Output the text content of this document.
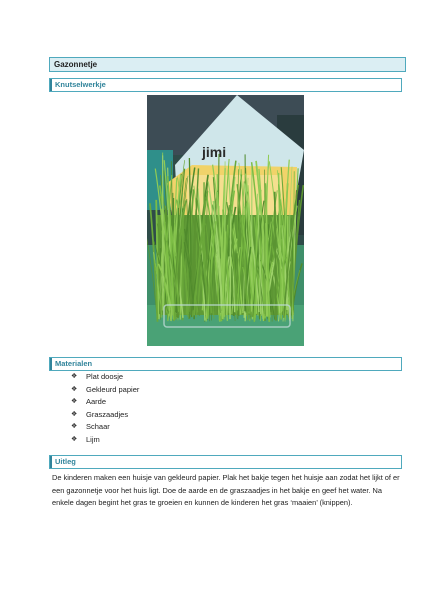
Gazonnetje
Knutselwerkje
jimi
Materialen
❖	Plat doosje
❖	Gekleurd papier
❖	Aarde
❖	Graszaadjes
❖	Schaar
❖	Lijm
Uitleg

De kinderen maken een huisje van gekleurd papier. Plak het bakje tegen het huisje aan zodat het lijkt of er een gazonnetje voor het huis ligt. Doe de aarde en de graszaadjes in het bakje en geef het water. Na enkele dagen begint het gras te groeien en kunnen de kinderen het gras ‘maaien’ (knippen).
